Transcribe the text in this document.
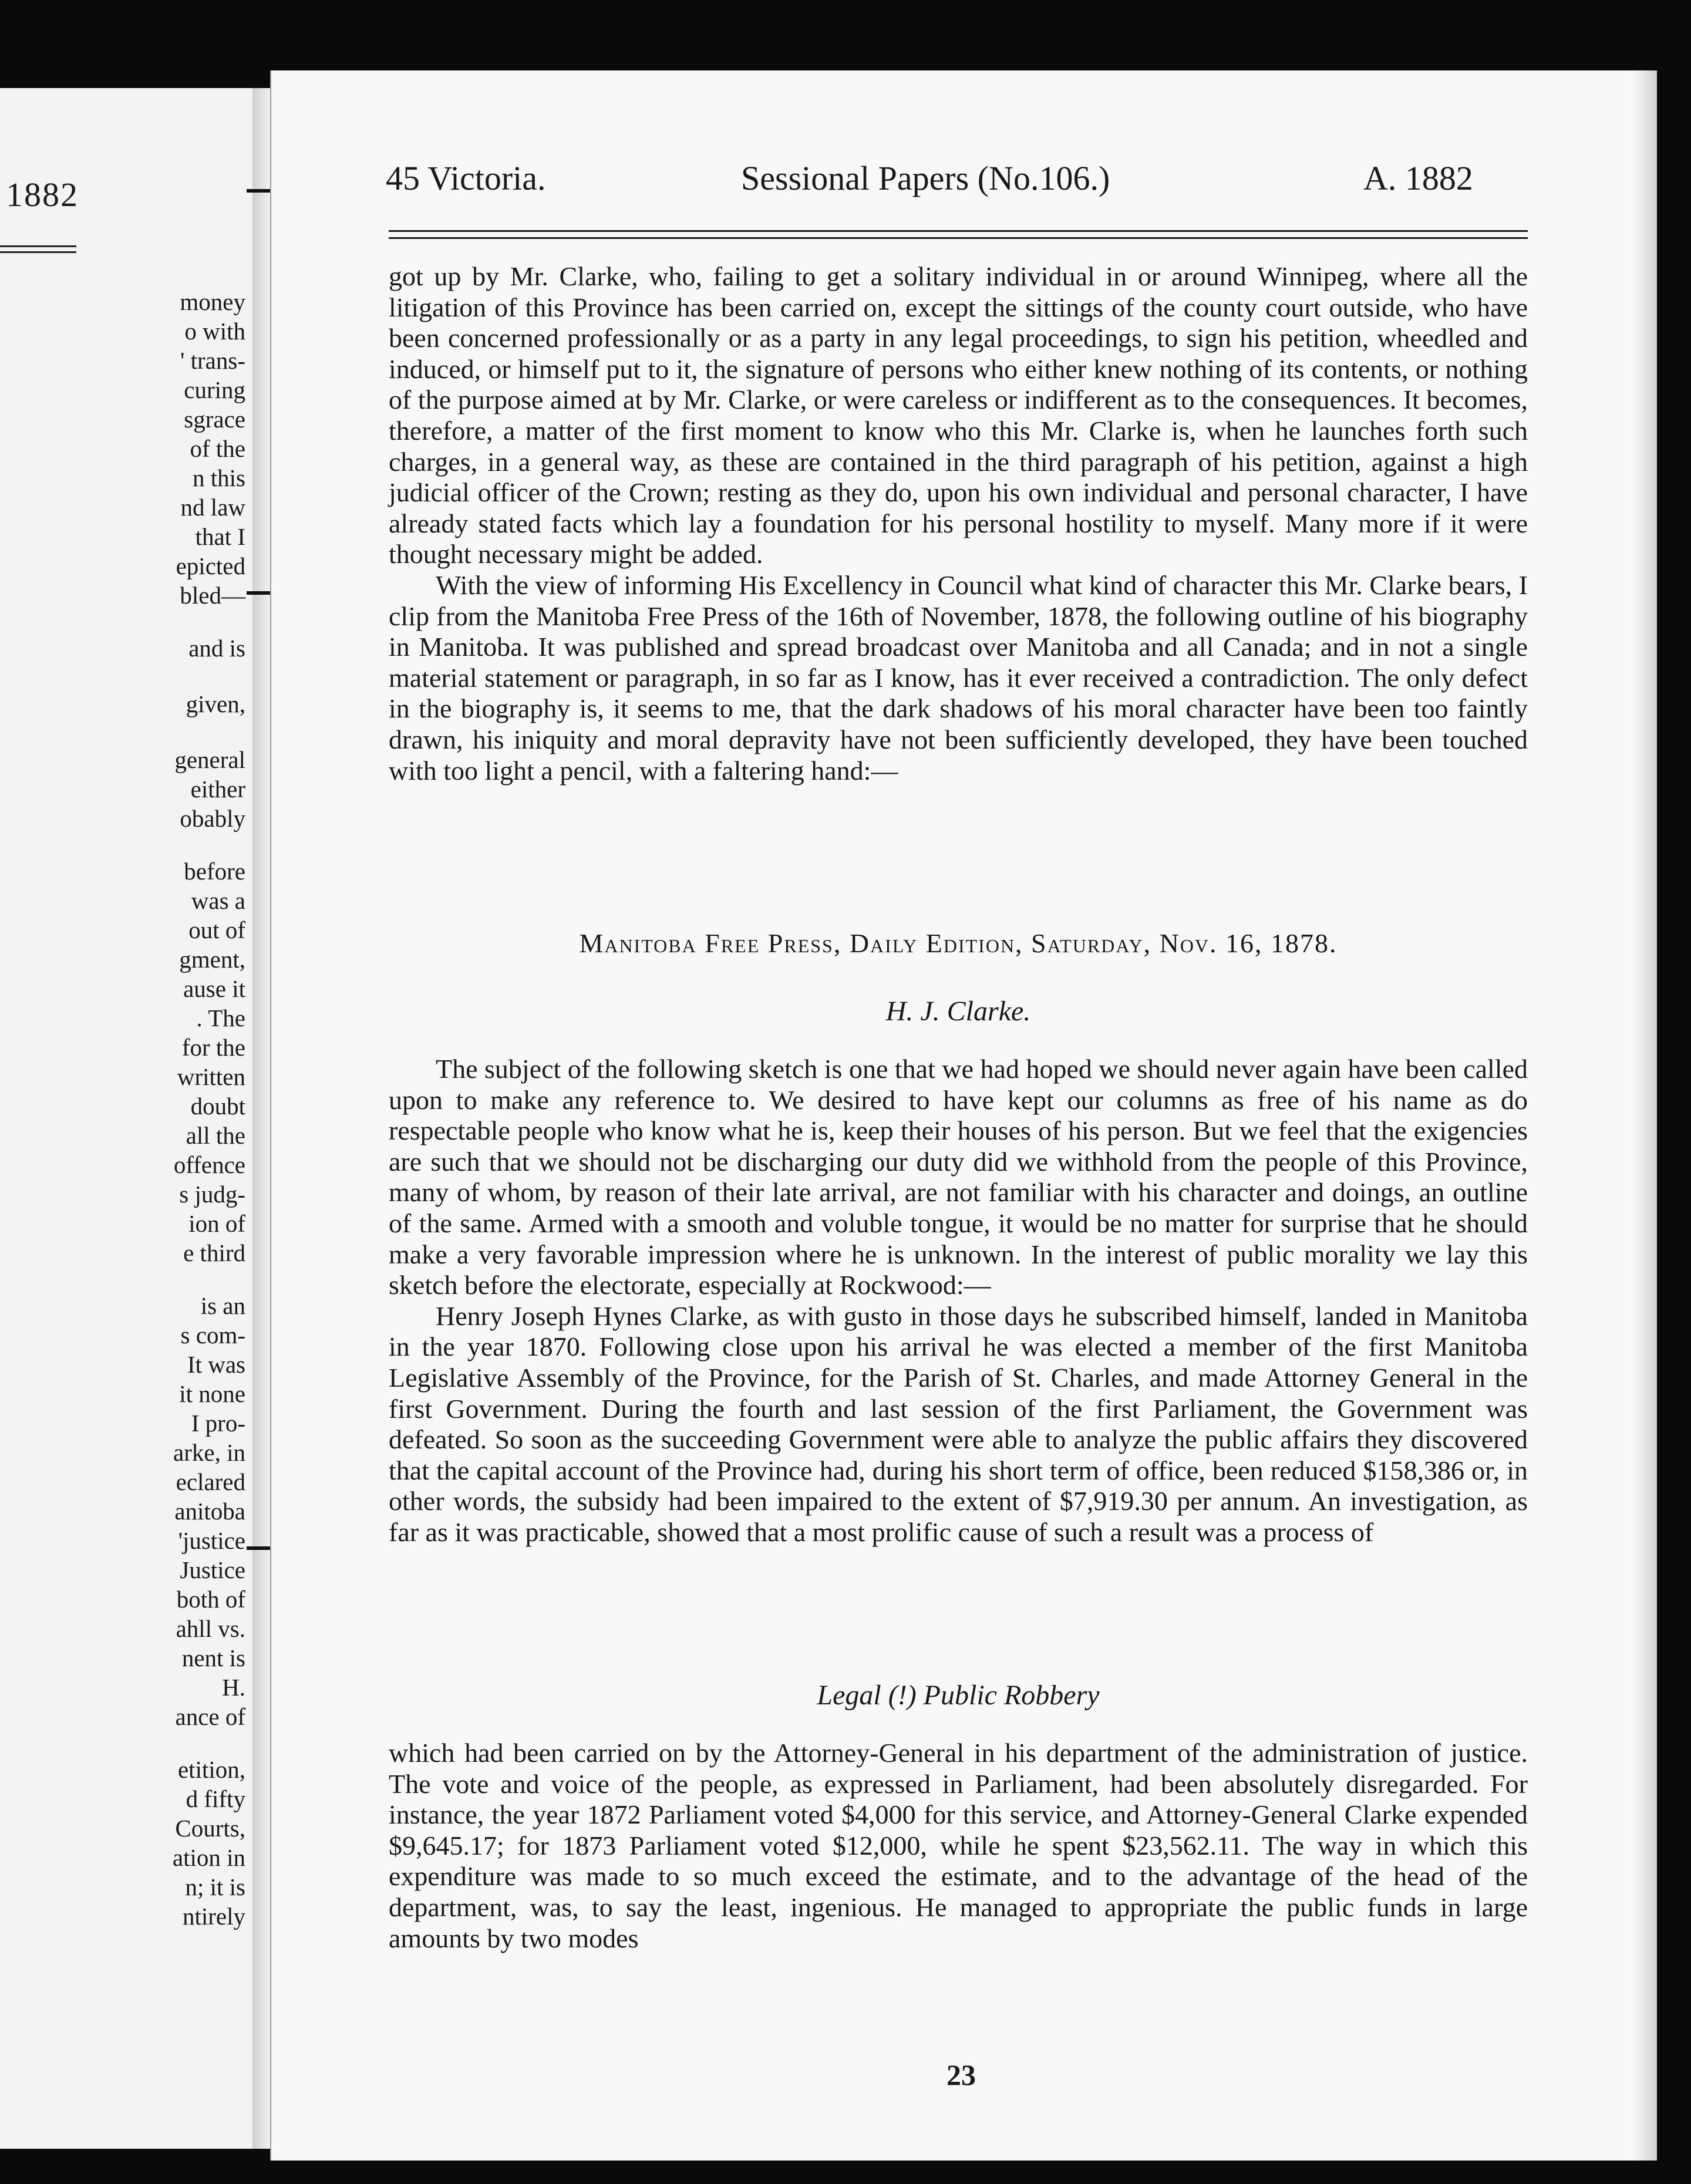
1882
money
o with
' trans-
curing
sgrace
of the
n this
nd law
that I
epicted
bled—
and is
given,
general
either
obably
before
was a
out of
gment,
ause it
. The
for the
written
doubt
all the
offence
s judg-
ion of
e third
is an
s com-
It was
it none
I pro-
arke, in
eclared
anitoba
'justice
Justice
both of
ahll vs.
nent is
H.
ance of
etition,
d fifty
Courts,
ation in
n; it is
ntirely
45 Victoria.	Sessional Papers (No.106.)	A. 1882

got up by Mr. Clarke, who, failing to get a solitary individual in or around Winnipeg, where all the litigation of this Province has been carried on, except the sittings of the county court outside, who have been concerned professionally or as a party in any legal proceedings, to sign his petition, wheedled and induced, or himself put to it, the signature of persons who either knew nothing of its contents, or nothing of the purpose aimed at by Mr. Clarke, or were careless or indifferent as to the consequences. It becomes, therefore, a matter of the first moment to know who this Mr. Clarke is, when he launches forth such charges, in a general way, as these are contained in the third paragraph of his petition, against a high judicial officer of the Crown; resting as they do, upon his own individual and personal character, I have already stated facts which lay a foundation for his personal hostility to myself. Many more if it were thought necessary might be added.

With the view of informing His Excellency in Council what kind of character this Mr. Clarke bears, I clip from the Manitoba Free Press of the 16th of November, 1878, the following outline of his biography in Manitoba. It was published and spread broadcast over Manitoba and all Canada; and in not a single material statement or paragraph, in so far as I know, has it ever received a contradiction. The only defect in the biography is, it seems to me, that the dark shadows of his moral character have been too faintly drawn, his iniquity and moral depravity have not been sufficiently developed, they have been touched with too light a pencil, with a faltering hand:—

Manitoba Free Press, Daily Edition, Saturday, Nov. 16, 1878.
H. J. Clarke.

The subject of the following sketch is one that we had hoped we should never again have been called upon to make any reference to. We desired to have kept our columns as free of his name as do respectable people who know what he is, keep their houses of his person. But we feel that the exigencies are such that we should not be discharging our duty did we withhold from the people of this Province, many of whom, by reason of their late arrival, are not familiar with his character and doings, an outline of the same. Armed with a smooth and voluble tongue, it would be no matter for surprise that he should make a very favorable impression where he is unknown. In the interest of public morality we lay this sketch before the electorate, especially at Rockwood:—

Henry Joseph Hynes Clarke, as with gusto in those days he subscribed himself, landed in Manitoba in the year 1870. Following close upon his arrival he was elected a member of the first Manitoba Legislative Assembly of the Province, for the Parish of St. Charles, and made Attorney General in the first Government. During the fourth and last session of the first Parliament, the Government was defeated. So soon as the succeeding Government were able to analyze the public affairs they discovered that the capital account of the Province had, during his short term of office, been reduced $158,386 or, in other words, the subsidy had been impaired to the extent of $7,919.30 per annum. An investigation, as far as it was practicable, showed that a most prolific cause of such a result was a process of

Legal (!) Public Robbery

which had been carried on by the Attorney-General in his department of the administration of justice. The vote and voice of the people, as expressed in Parliament, had been absolutely disregarded. For instance, the year 1872 Parliament voted $4,000 for this service, and Attorney-General Clarke expended $9,645.17; for 1873 Parliament voted $12,000, while he spent $23,562.11. The way in which this expenditure was made to so much exceed the estimate, and to the advantage of the head of the department, was, to say the least, ingenious. He managed to appropriate the public funds in large amounts by two modes

23
